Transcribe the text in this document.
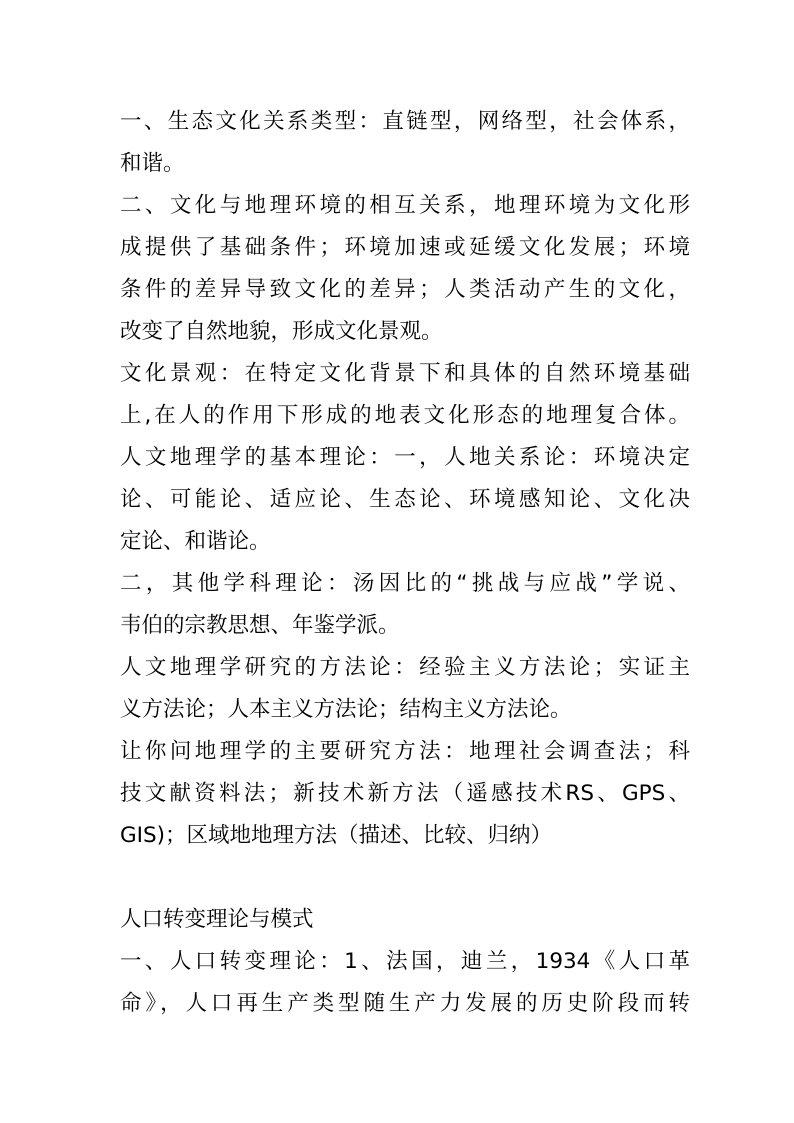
一、生态文化关系类型：直链型，网络型，社会体系，
和谐。
二、文化与地理环境的相互关系，地理环境为文化形
成提供了基础条件；环境加速或延缓文化发展；环境
条件的差异导致文化的差异；人类活动产生的文化，
改变了自然地貌，形成文化景观。
文化景观：在特定文化背景下和具体的自然环境基础
上,在人的作用下形成的地表文化形态的地理复合体。
人文地理学的基本理论：一，人地关系论：环境决定
论、可能论、适应论、生态论、环境感知论、文化决
定论、和谐论。
二，其他学科理论：汤因比的“挑战与应战”学说、
韦伯的宗教思想、年鉴学派。
人文地理学研究的方法论：经验主义方法论；实证主
义方法论；人本主义方法论；结构主义方法论。
让你问地理学的主要研究方法：地理社会调查法；科
技文献资料法；新技术新方法（遥感技术RS、GPS、
GIS)；区域地地理方法（描述、比较、归纳）
人口转变理论与模式
一、人口转变理论：1、法国，迪兰，1934《人口革
命》，人口再生产类型随生产力发展的历史阶段而转
